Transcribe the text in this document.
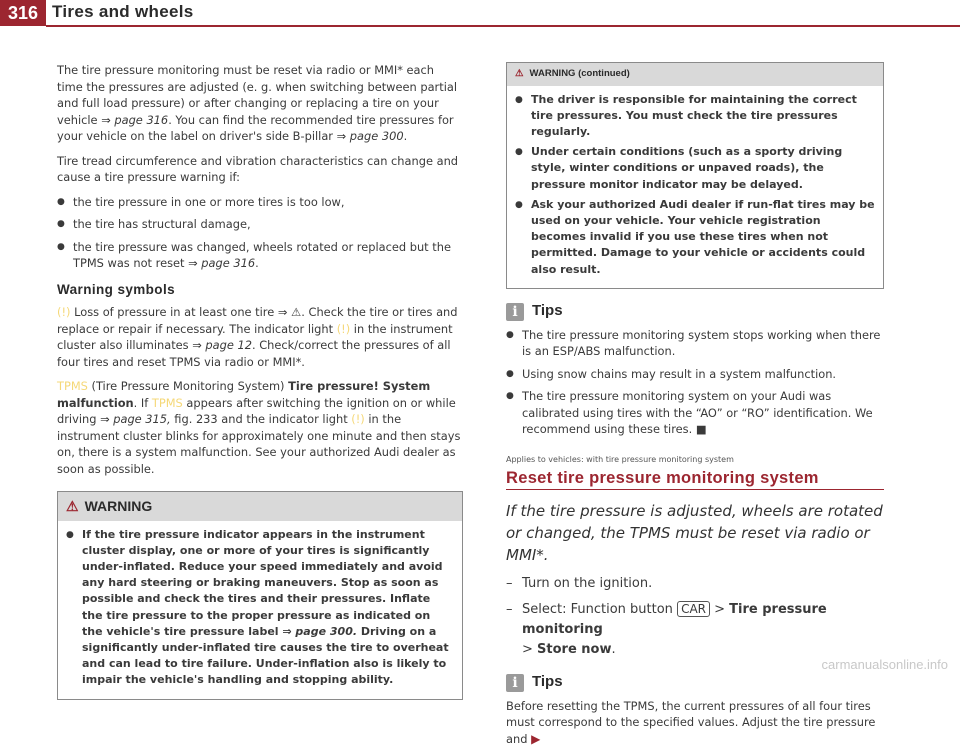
316 Tires and wheels

The tire pressure monitoring must be reset via radio or MMI* each time the pressures are adjusted (e. g. when switching between partial and full load pressure) or after changing or replacing a tire on your vehicle ⇒ page 316. You can find the recommended tire pressures for your vehicle on the label on driver's side B-pillar ⇒ page 300.

Tire tread circumference and vibration characteristics can change and cause a tire pressure warning if:

● the tire pressure in one or more tires is too low,
● the tire has structural damage,
● the tire pressure was changed, wheels rotated or replaced but the TPMS was not reset ⇒ page 316.
Warning symbols

(!) Loss of pressure in at least one tire ⇒ ⚠. Check the tire or tires and replace or repair if necessary. The indicator light (!) in the instrument cluster also illuminates ⇒ page 12. Check/correct the pressures of all four tires and reset TPMS via radio or MMI*.

TPMS (Tire Pressure Monitoring System) Tire pressure! System malfunction. If TPMS appears after switching the ignition on or while driving ⇒ page 315, fig. 233 and the indicator light (!) in the instrument cluster blinks for approximately one minute and then stays on, there is a system malfunction. See your authorized Audi dealer as soon as possible.

⚠ WARNING
● If the tire pressure indicator appears in the instrument cluster display, one or more of your tires is significantly under-inflated. Reduce your speed immediately and avoid any hard steering or braking maneuvers. Stop as soon as possible and check the tires and their pressures. Inflate the tire pressure to the proper pressure as indicated on the vehicle's tire pressure label ⇒ page 300. Driving on a significantly under-inflated tire causes the tire to overheat and can lead to tire failure. Under-inflation also is likely to impair the vehicle's handling and stopping ability.
⚠ WARNING (continued)
● The driver is responsible for maintaining the correct tire pressures. You must check the tire pressures regularly.
● Under certain conditions (such as a sporty driving style, winter conditions or unpaved roads), the pressure monitor indicator may be delayed.
● Ask your authorized Audi dealer if run-flat tires may be used on your vehicle. Your vehicle registration becomes invalid if you use these tires when not permitted. Damage to your vehicle or accidents could also result.
i Tips
● The tire pressure monitoring system stops working when there is an ESP/ABS malfunction.
● Using snow chains may result in a system malfunction.
● The tire pressure monitoring system on your Audi was calibrated using tires with the “AO” or “RO” identification. We recommend using these tires. ■
Applies to vehicles: with tire pressure monitoring system
Reset tire pressure monitoring system
If the tire pressure is adjusted, wheels are rotated or changed, the TPMS must be reset via radio or MMI*.
– Turn on the ignition.
– Select: Function button CAR > Tire pressure monitoring
> Store now.
i Tips

Before resetting the TPMS, the current pressures of all four tires must correspond to the specified values. Adjust the tire pressure and ▶

carmanualsonline.info
